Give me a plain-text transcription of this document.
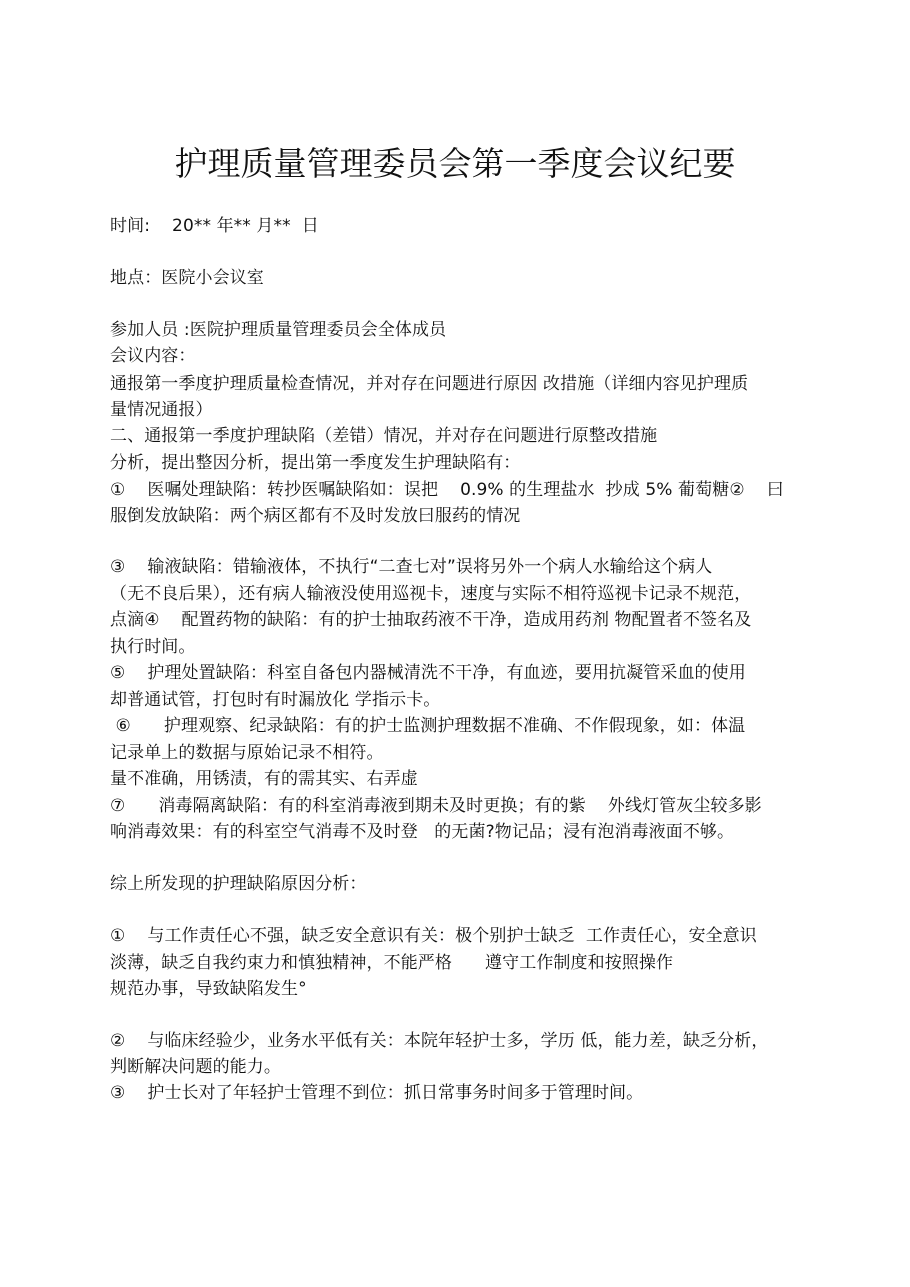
护理质量管理委员会第一季度会议纪要
时间:    20** 年** 月**  日
地点：医院小会议室
参加人员 :医院护理质量管理委员会全体成员
会议内容：
通报第一季度护理质量检查情况，并对存在问题进行原因 改措施（详细内容见护理质
量情况通报）
二、通报第一季度护理缺陷（差错）情况，并对存在问题进行原整改措施
分析，提出整因分析，提出第一季度发生护理缺陷有：
①    医嘱处理缺陷：转抄医嘱缺陷如：误把    0.9% 的生理盐水  抄成 5% 葡萄糖②    曰
服倒发放缺陷：两个病区都有不及时发放曰服药的情况
③    输液缺陷：错输液体，不执行“二查七对”误将另外一个病人水输给这个病人
（无不良后果），还有病人输液没使用巡视卡，速度与实际不相符巡视卡记录不规范，
点滴④    配置药物的缺陷：有的护士抽取药液不干净，造成用药剂 物配置者不签名及
执行时间。
⑤    护理处置缺陷：科室自备包内器械清洗不干净，有血迹，要用抗凝管采血的使用
却普通试管，打包时有时漏放化 学指示卡。
⑥      护理观察、纪录缺陷：有的护士监测护理数据不准确、不作假现象，如：体温
记录单上的数据与原始记录不相符。
量不准确，用锈渍，有的需其实、右弄虚
⑦      消毒隔离缺陷：有的科室消毒液到期未及时更换；有的紫    外线灯管灰尘较多影
响消毒效果：有的科室空气消毒不及时登   的无菌?物记品；浸有泡消毒液面不够。
综上所发现的护理缺陷原因分析：
①    与工作责任心不强，缺乏安全意识有关：极个别护士缺乏  工作责任心，安全意识
淡薄，缺乏自我约束力和慎独精神，不能严格      遵守工作制度和按照操作
规范办事，导致缺陷发生°
②    与临床经验少，业务水平低有关：本院年轻护士多，学历 低，能力差，缺乏分析，
判断解决问题的能力。
③    护士长对了年轻护士管理不到位：抓日常事务时间多于管理时间。
